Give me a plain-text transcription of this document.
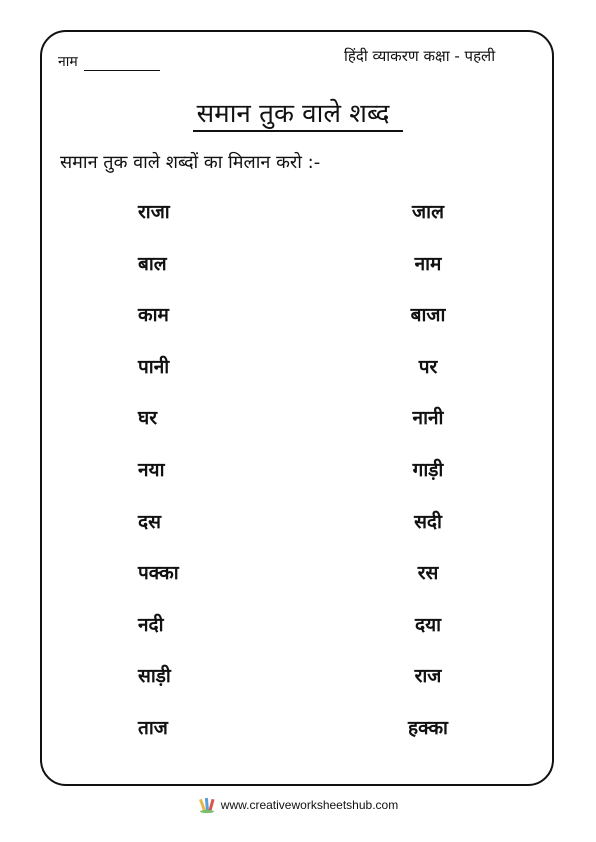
नाम	हिंदी व्याकरण कक्षा - पहली
समान तुक वाले शब्द
समान तुक वाले शब्दों का मिलान करो :-
राजा	जाल
बाल	नाम
काम	बाजा
पानी	पर
घर	नानी
नया	गाड़ी
दस	सदी
पक्का	रस
नदी	दया
साड़ी	राज
ताज	हक्का
www.creativeworksheetshub.com
